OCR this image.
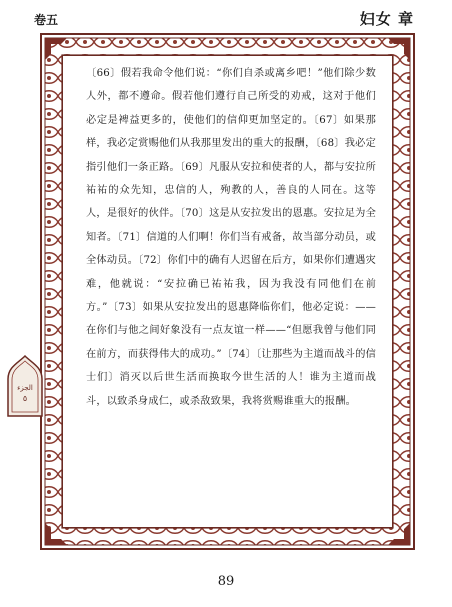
卷五	妇女 章

〔66〕假若我命令他们说：“你们自杀或离乡吧！”他们除少数人外，都不遵命。假若他们遵行自己所受的劝戒，这对于他们必定是裨益更多的，使他们的信仰更加坚定的。〔67〕如果那样，我必定赏赐他们从我那里发出的重大的报酬，〔68〕我必定指引他们一条正路。〔69〕凡服从安拉和使者的人，都与安拉所祐祐的众先知，忠信的人，殉教的人，善良的人同在。这等人，是很好的伙伴。〔70〕这是从安拉发出的恩惠。安拉足为全知者。〔71〕信道的人们啊！你们当有戒备，故当部分动员，或全体动员。〔72〕你们中的确有人迟留在后方，如果你们遭遇灾难，他就说：“安拉确已祐祐我，因为我没有同他们在前方。”〔73〕如果从安拉发出的恩惠降临你们，他必定说：——在你们与他之间好象没有一点友谊一样——“但愿我曾与他们同在前方，而获得伟大的成功。”〔74〕〔让那些为主道而战斗的信士们〕消灭以后世生活而换取今世生活的人！谁为主道而战斗，以致杀身成仁，或杀敌致果，我将赏赐谁重大的报酬。

الجزء
٥
89
